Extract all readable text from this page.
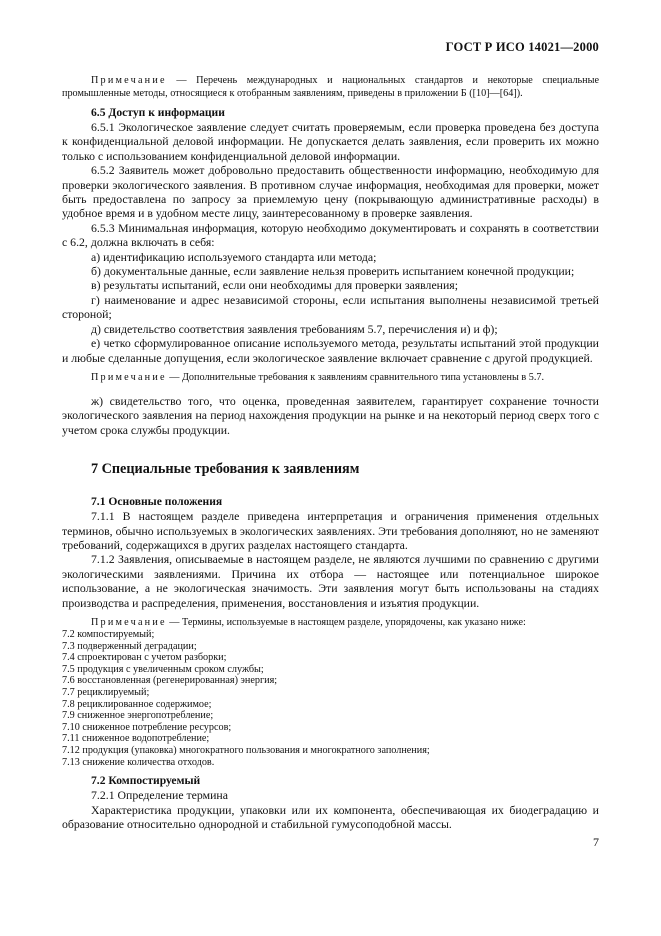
ГОСТ Р ИСО 14021—2000

Примечание — Перечень международных и национальных стандартов и некоторые специальные промышленные методы, относящиеся к отобранным заявлениям, приведены в приложении Б ([10]—[64]).

6.5 Доступ к информации

6.5.1 Экологическое заявление следует считать проверяемым, если проверка проведена без доступа к конфиденциальной деловой информации. Не допускается делать заявления, если проверить их можно только с использованием конфиденциальной деловой информации.

6.5.2 Заявитель может добровольно предоставить общественности информацию, необходимую для проверки экологического заявления. В противном случае информация, необходимая для проверки, может быть предоставлена по запросу за приемлемую цену (покрывающую административные расходы) в удобное время и в удобном месте лицу, заинтересованному в проверке заявления.

6.5.3 Минимальная информация, которую необходимо документировать и сохранять в соответствии с 6.2, должна включать в себя:

а) идентификацию используемого стандарта или метода;

б) документальные данные, если заявление нельзя проверить испытанием конечной продукции;

в) результаты испытаний, если они необходимы для проверки заявления;

г) наименование и адрес независимой стороны, если испытания выполнены независимой третьей стороной;

д) свидетельство соответствия заявления требованиям 5.7, перечисления и) и ф);

е) четко сформулированное описание используемого метода, результаты испытаний этой продукции и любые сделанные допущения, если экологическое заявление включает сравнение с другой продукцией.

Примечание — Дополнительные требования к заявлениям сравнительного типа установлены в 5.7.

ж) свидетельство того, что оценка, проведенная заявителем, гарантирует сохранение точности экологического заявления на период нахождения продукции на рынке и на некоторый период сверх того с учетом срока службы продукции.

7 Специальные требования к заявлениям

7.1 Основные положения

7.1.1 В настоящем разделе приведена интерпретация и ограничения применения отдельных терминов, обычно используемых в экологических заявлениях. Эти требования дополняют, но не заменяют требований, содержащихся в других разделах настоящего стандарта.

7.1.2 Заявления, описываемые в настоящем разделе, не являются лучшими по сравнению с другими экологическими заявлениями. Причина их отбора — настоящее или потенциальное широкое использование, а не экологическая значимость. Эти заявления могут быть использованы на стадиях производства и распределения, применения, восстановления и изъятия продукции.

Примечание — Термины, используемые в настоящем разделе, упорядочены, как указано ниже:

7.2 компостируемый;
7.3 подверженный деградации;
7.4 спроектирован с учетом разборки;
7.5 продукция с увеличенным сроком службы;
7.6 восстановленная (регенерированная) энергия;
7.7 рециклируемый;
7.8 рециклированное содержимое;
7.9 сниженное энергопотребление;
7.10 сниженное потребление ресурсов;
7.11 сниженное водопотребление;
7.12 продукция (упаковка) многократного пользования и многократного заполнения;
7.13 снижение количества отходов.

7.2 Компостируемый

7.2.1 Определение термина

Характеристика продукции, упаковки или их компонента, обеспечивающая их биодеградацию и образование относительно однородной и стабильной гумусоподобной массы.

7
